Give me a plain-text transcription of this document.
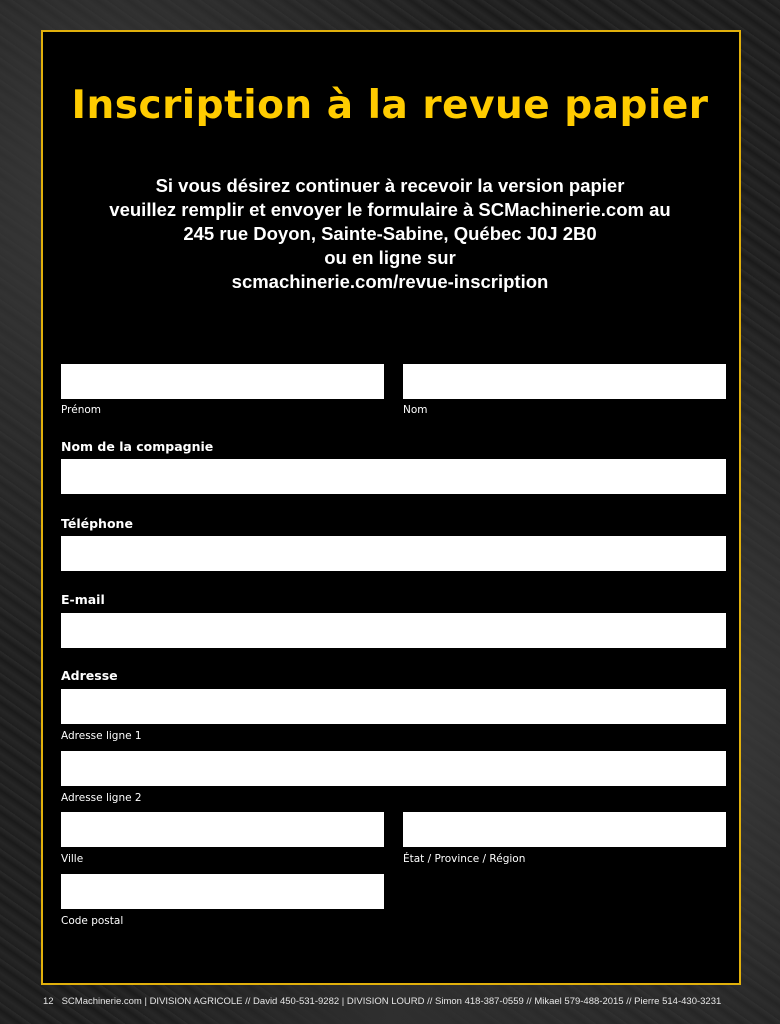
Inscription à la revue papier
Si vous désirez continuer à recevoir la version papier
veuillez remplir et envoyer le formulaire à SCMachinerie.com au
245 rue Doyon, Sainte-Sabine, Québec J0J 2B0
ou en ligne sur
scmachinerie.com/revue-inscription
Prénom	Nom
Nom de la compagnie
Téléphone
E-mail
Adresse
Adresse ligne 1
Adresse ligne 2
Ville	État / Province / Région
Code postal
12 SCMachinerie.com | DIVISION AGRICOLE // David 450-531-9282 | DIVISION LOURD // Simon 418-387-0559 // Mikael 579-488-2015 // Pierre 514-430-3231
